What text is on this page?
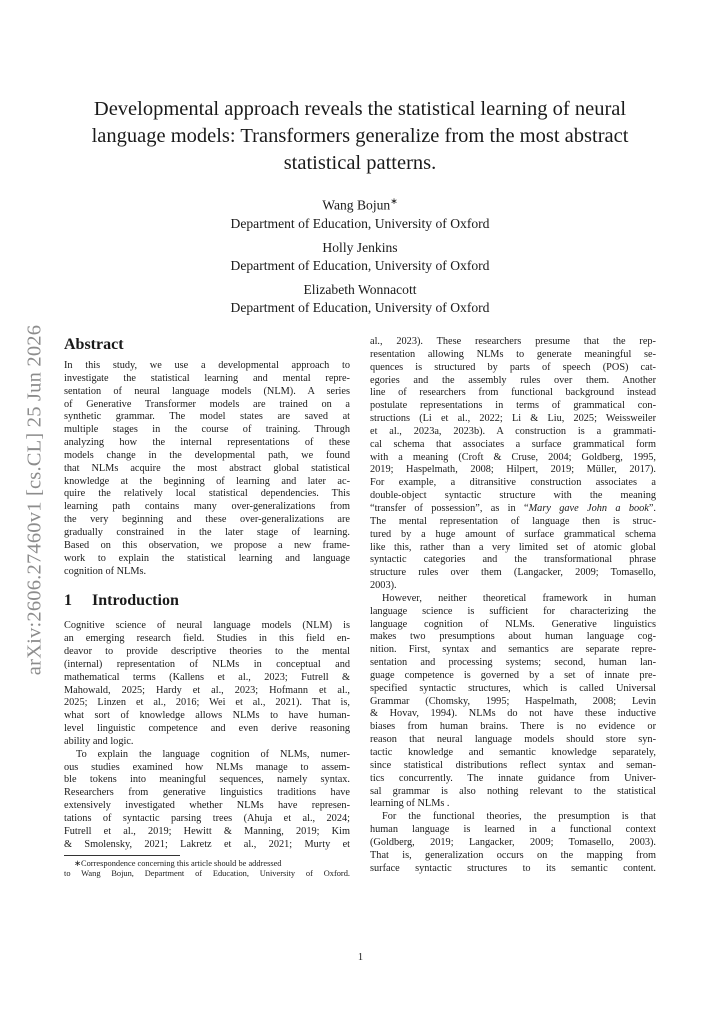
arXiv:2606.27460v1 [cs.CL] 25 Jun 2026
Developmental approach reveals the statistical learning of neural
language models: Transformers generalize from the most abstract
statistical patterns.
Wang Bojun∗
Department of Education, University of Oxford
Holly Jenkins
Department of Education, University of Oxford
Elizabeth Wonnacott
Department of Education, University of Oxford
Abstract
In this study, we use a developmental approach to
investigate the statistical learning and mental repre-
sentation of neural language models (NLM). A series
of Generative Transformer models are trained on a
synthetic grammar. The model states are saved at
multiple stages in the course of training. Through
analyzing how the internal representations of these
models change in the developmental path, we found
that NLMs acquire the most abstract global statistical
knowledge at the beginning of learning and later ac-
quire the relatively local statistical dependencies. This
learning path contains many over-generalizations from
the very beginning and these over-generalizations are
gradually constrained in the later stage of learning.
Based on this observation, we propose a new frame-
work to explain the statistical learning and language
cognition of NLMs.
1 Introduction
Cognitive science of neural language models (NLM) is
an emerging research field. Studies in this field en-
deavor to provide descriptive theories to the mental
(internal) representation of NLMs in conceptual and
mathematical terms (Kallens et al., 2023; Futrell &
Mahowald, 2025; Hardy et al., 2023; Hofmann et al.,
2025; Linzen et al., 2016; Wei et al., 2021). That is,
what sort of knowledge allows NLMs to have human-
level linguistic competence and even derive reasoning
ability and logic.
To explain the language cognition of NLMs, numer-
ous studies examined how NLMs manage to assem-
ble tokens into meaningful sequences, namely syntax.
Researchers from generative linguistics traditions have
extensively investigated whether NLMs have represen-
tations of syntactic parsing trees (Ahuja et al., 2024;
Futrell et al., 2019; Hewitt & Manning, 2019; Kim
& Smolensky, 2021; Lakretz et al., 2021; Murty et
∗Correspondence concerning this article should be addressed
to Wang Bojun, Department of Education, University of Oxford.
al., 2023). These researchers presume that the rep-
resentation allowing NLMs to generate meaningful se-
quences is structured by parts of speech (POS) cat-
egories and the assembly rules over them. Another
line of researchers from functional background instead
postulate representations in terms of grammatical con-
structions (Li et al., 2022; Li & Liu, 2025; Weissweiler
et al., 2023a, 2023b). A construction is a grammati-
cal schema that associates a surface grammatical form
with a meaning (Croft & Cruse, 2004; Goldberg, 1995,
2019; Haspelmath, 2008; Hilpert, 2019; Müller, 2017).
For example, a ditransitive construction associates a
double-object syntactic structure with the meaning
“transfer of possession”, as in “Mary gave John a book”.
The mental representation of language then is struc-
tured by a huge amount of surface grammatical schema
like this, rather than a very limited set of atomic global
syntactic categories and the transformational phrase
structure rules over them (Langacker, 2009; Tomasello,
2003).
However, neither theoretical framework in human
language science is sufficient for characterizing the
language cognition of NLMs. Generative linguistics
makes two presumptions about human language cog-
nition. First, syntax and semantics are separate repre-
sentation and processing systems; second, human lan-
guage competence is governed by a set of innate pre-
specified syntactic structures, which is called Universal
Grammar (Chomsky, 1995; Haspelmath, 2008; Levin
& Hovav, 1994). NLMs do not have these inductive
biases from human brains. There is no evidence or
reason that neural language models should store syn-
tactic knowledge and semantic knowledge separately,
since statistical distributions reflect syntax and seman-
tics concurrently. The innate guidance from Univer-
sal grammar is also nothing relevant to the statistical
learning of NLMs .
For the functional theories, the presumption is that
human language is learned in a functional context
(Goldberg, 2019; Langacker, 2009; Tomasello, 2003).
That is, generalization occurs on the mapping from
surface syntactic structures to its semantic content.
1
